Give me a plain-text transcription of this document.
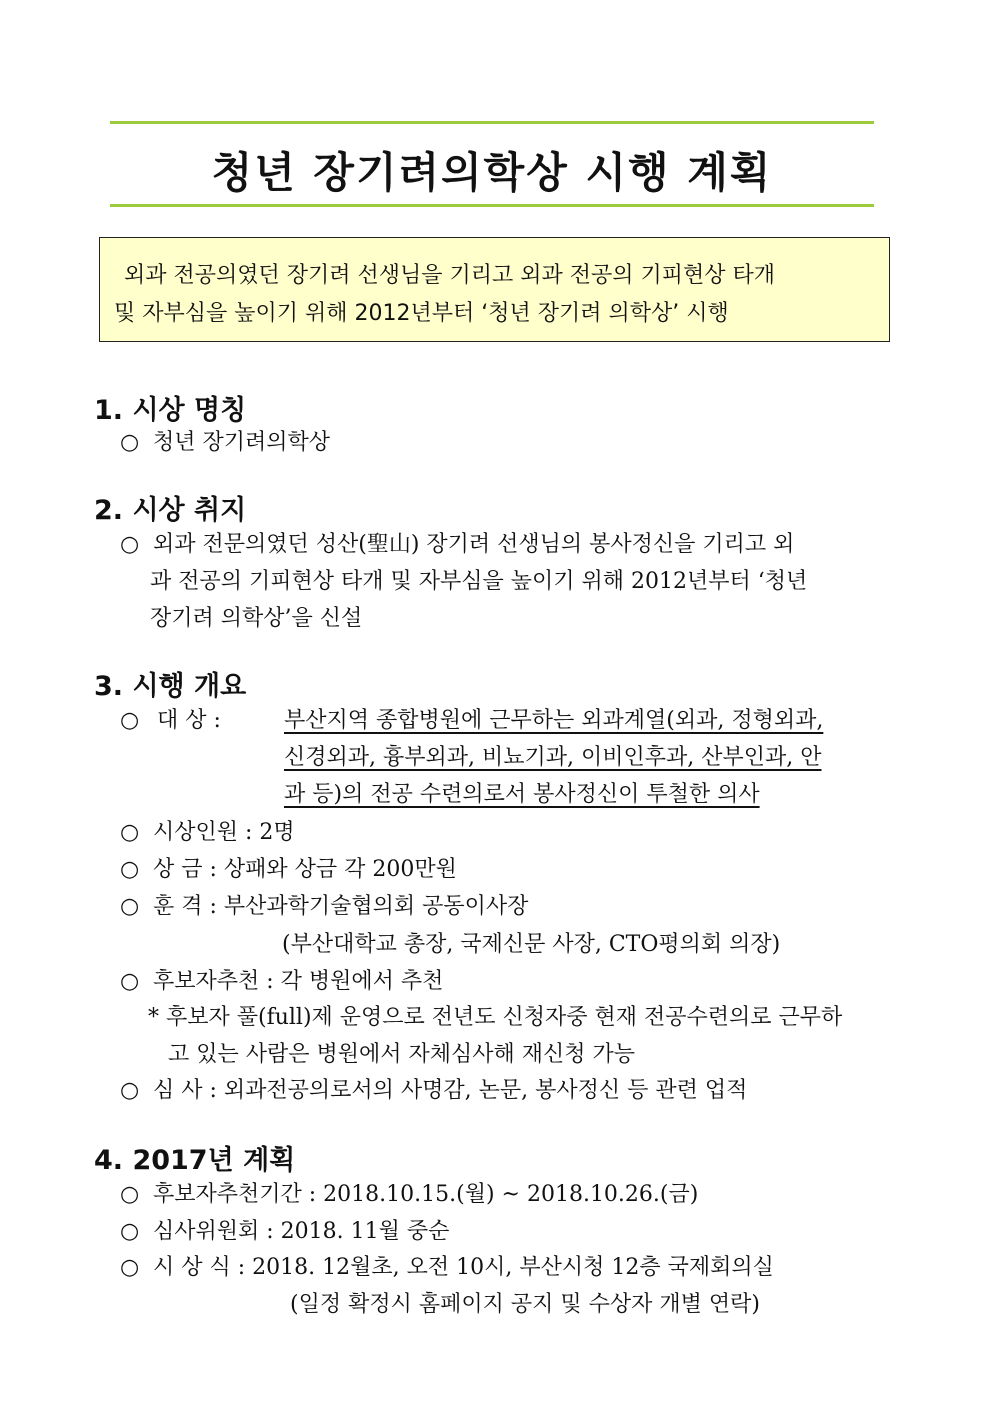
청년 장기려의학상 시행 계획
외과 전공의였던 장기려 선생님을 기리고 외과 전공의 기피현상 타개
및 자부심을 높이기 위해 2012년부터 ‘청년 장기려 의학상’ 시행
1. 시상 명칭
○ 청년 장기려의학상
2. 시상 취지
○ 외과 전문의였던 성산(聖山) 장기려 선생님의 봉사정신을 기리고 외
과 전공의 기피현상 타개 및 자부심을 높이기 위해 2012년부터 ‘청년
장기려 의학상’을 신설
3. 시행 개요
○ 대 상 :	부산지역 종합병원에 근무하는 외과계열(외과, 정형외과,
신경외과, 흉부외과, 비뇨기과, 이비인후과, 산부인과, 안
과 등)의 전공 수련의로서 봉사정신이 투철한 의사
○ 시상인원 : 2명
○ 상 금 : 상패와 상금 각 200만원
○ 훈 격 : 부산과학기술협의회 공동이사장
(부산대학교 총장, 국제신문 사장, CTO평의회 의장)
○ 후보자추천 : 각 병원에서 추천
* 후보자 풀(full)제 운영으로 전년도 신청자중 현재 전공수련의로 근무하
고 있는 사람은 병원에서 자체심사해 재신청 가능
○ 심 사 : 외과전공의로서의 사명감, 논문, 봉사정신 등 관련 업적
4. 2017년 계획
○ 후보자추천기간 : 2018.10.15.(월) ~ 2018.10.26.(금)
○ 심사위원회 : 2018. 11월 중순
○ 시 상 식 : 2018. 12월초, 오전 10시, 부산시청 12층 국제회의실
(일정 확정시 홈페이지 공지 및 수상자 개별 연락)
